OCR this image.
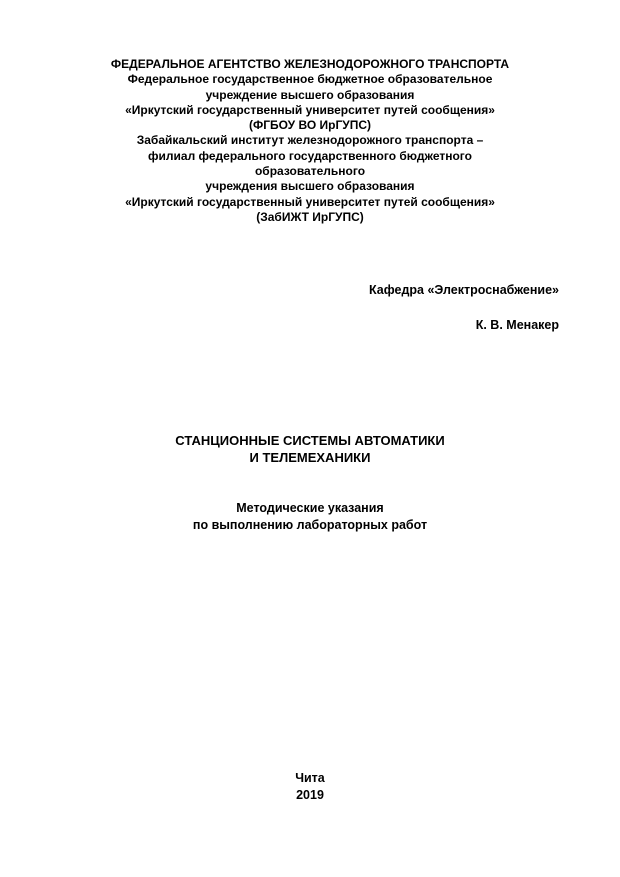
ФЕДЕРАЛЬНОЕ АГЕНТСТВО ЖЕЛЕЗНОДОРОЖНОГО ТРАНСПОРТА
Федеральное государственное бюджетное образовательное
учреждение высшего образования
«Иркутский государственный университет путей сообщения»
(ФГБОУ ВО ИрГУПС)
Забайкальский институт железнодорожного транспорта –
филиал федерального государственного бюджетного
образовательного
учреждения высшего образования
«Иркутский государственный университет путей сообщения»
(ЗабИЖТ ИрГУПС)
Кафедра «Электроснабжение»
К. В. Менакер
СТАНЦИОННЫЕ СИСТЕМЫ АВТОМАТИКИ
И ТЕЛЕМЕХАНИКИ
Методические указания
по выполнению лабораторных работ
Чита
2019
